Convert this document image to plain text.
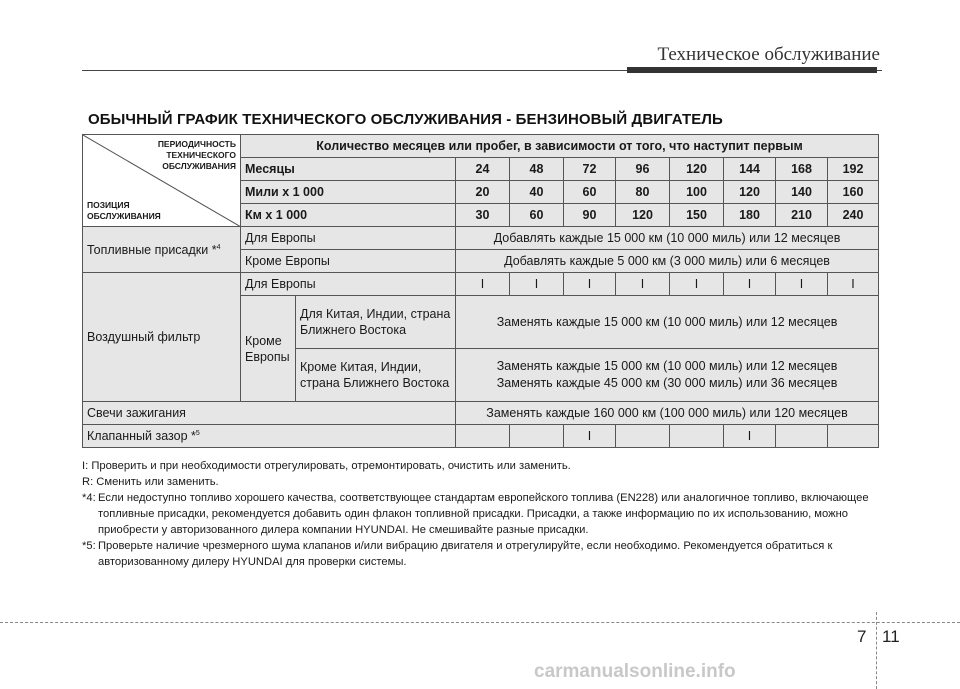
Техническое обслуживание
ОБЫЧНЫЙ ГРАФИК ТЕХНИЧЕСКОГО ОБСЛУЖИВАНИЯ - БЕНЗИНОВЫЙ ДВИГАТЕЛЬ
ПЕРИОДИЧНОСТЬ
ТЕХНИЧЕСКОГО
ОБСЛУЖИВАНИЯ
ПОЗИЦИЯ
ОБСЛУЖИВАНИЯ	Количество месяцев или пробег, в зависимости от того, что наступит первым									
	Месяцы		24	48	72	96	120	144	168	192
	Мили x 1 000		20	40	60	80	100	120	140	160
	Км x 1 000		30	60	90	120	150	180	210	240
Топливные присадки *$^4$	Для Европы		Добавлять каждые 15 000 км (10 000 миль) или 12 месяцев							
	Кроме Европы		Добавлять каждые 5 000 км (3 000 миль) или 6 месяцев							
Воздушный фильтр	Для Европы		I	I	I	I	I	I	I	I
	Кроме Европы	Для Китая, Индии, страна Ближнего Востока	Заменять каждые 15 000 км (10 000 миль) или 12 месяцев							
		Кроме Китая, Индии, страна Ближнего Востока	Заменять каждые 15 000 км (10 000 миль) или 12 месяцев
Заменять каждые 45 000 км (30 000 миль) или 36 месяцев							

Свечи зажигания			Заменять каждые 160 000 км (100 000 миль) или 120 месяцев							
Клапанный зазор *$^5$					I			I		
I: Проверить и при необходимости отрегулировать, отремонтировать, очистить или заменить.
R: Сменить или заменить.
*4: Если недоступно топливо хорошего качества, соответствующее стандартам европейского топлива (EN228) или аналогичное топливо, включающее топливные присадки, рекомендуется добавить один флакон топливной присадки. Присадки, а также информацию по их использованию, можно приобрести у авторизованного дилера компании HYUNDAI. Не смешивайте разные присадки.
*5: Проверьте наличие чрезмерного шума клапанов и/или вибрацию двигателя и отрегулируйте, если необходимо. Рекомендуется обратиться к авторизованному дилеру HYUNDAI для проверки системы.
7 11
carmanualsonline.info
